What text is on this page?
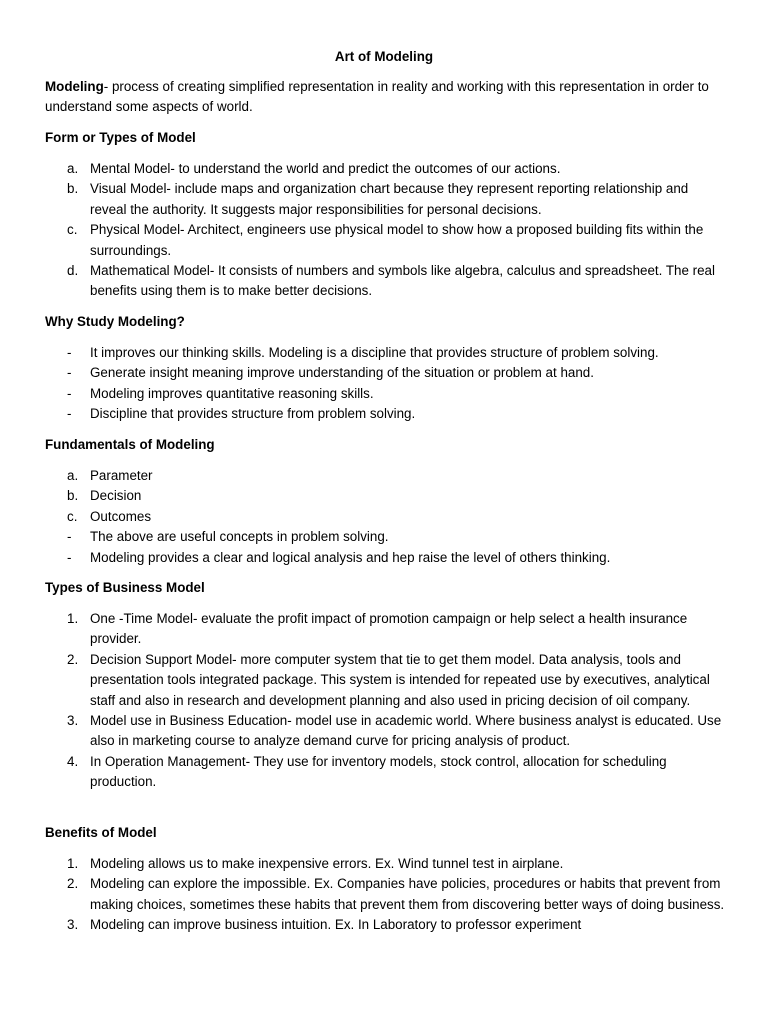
Art of Modeling
Modeling- process of creating simplified representation in reality and working with this representation in order to understand some aspects of world.
Form or Types of Model
a. Mental Model- to understand the world and predict the outcomes of our actions.
b. Visual Model- include maps and organization chart because they represent reporting relationship and reveal the authority. It suggests major responsibilities for personal decisions.
c. Physical Model- Architect, engineers use physical model to show how a proposed building fits within the surroundings.
d. Mathematical Model- It consists of numbers and symbols like algebra, calculus and spreadsheet. The real benefits using them is to make better decisions.
Why Study Modeling?
- It improves our thinking skills. Modeling is a discipline that provides structure of problem solving.
- Generate insight meaning improve understanding of the situation or problem at hand.
- Modeling improves quantitative reasoning skills.
- Discipline that provides structure from problem solving.
Fundamentals of Modeling
a. Parameter
b. Decision
c. Outcomes
- The above are useful concepts in problem solving.
- Modeling provides a clear and logical analysis and hep raise the level of others thinking.
Types of Business Model
1. One -Time Model- evaluate the profit impact of promotion campaign or help select a health insurance provider.
2. Decision Support Model- more computer system that tie to get them model. Data analysis, tools and presentation tools integrated package. This system is intended for repeated use by executives, analytical staff and also in research and development planning and also used in pricing decision of oil company.
3. Model use in Business Education- model use in academic world. Where business analyst is educated. Use also in marketing course to analyze demand curve for pricing analysis of product.
4. In Operation Management- They use for inventory models, stock control, allocation for scheduling production.
Benefits of Model
1. Modeling allows us to make inexpensive errors. Ex. Wind tunnel test in airplane.
2. Modeling can explore the impossible. Ex. Companies have policies, procedures or habits that prevent from making choices, sometimes these habits that prevent them from discovering better ways of doing business.
3. Modeling can improve business intuition. Ex. In Laboratory to professor experiment
